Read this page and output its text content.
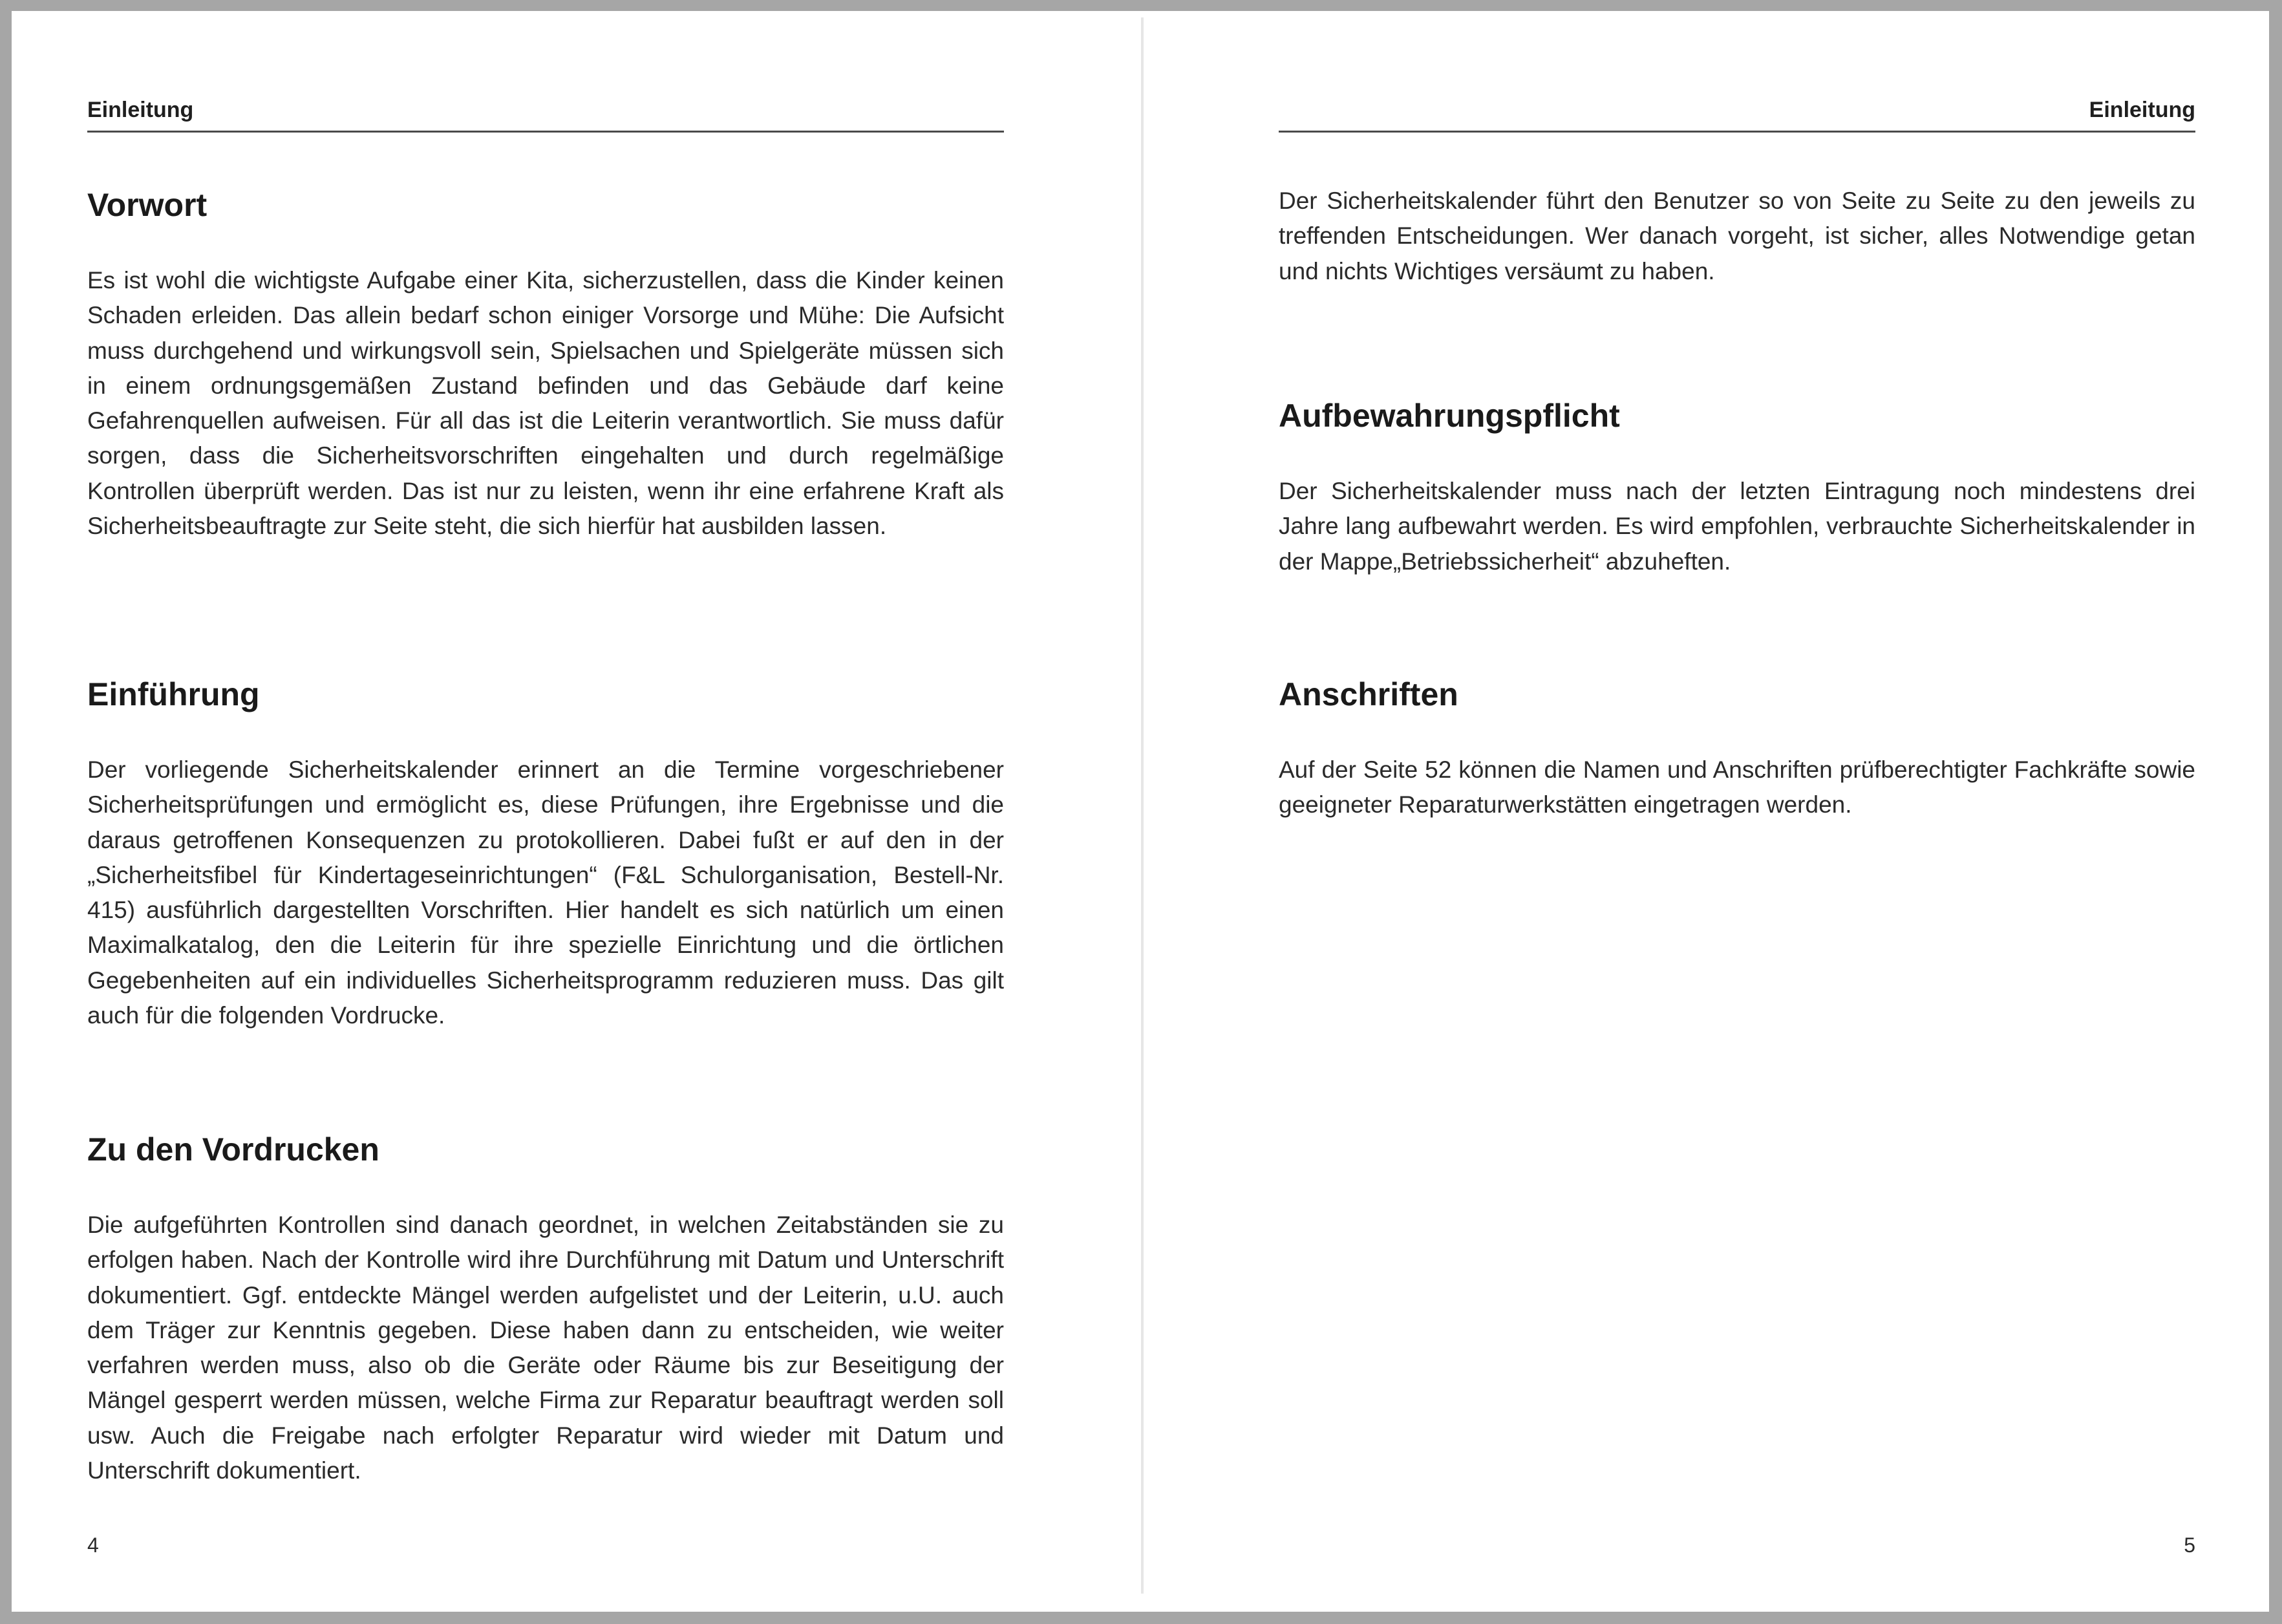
Einleitung
Vorwort

Es ist wohl die wichtigste Aufgabe einer Kita, sicherzustellen, dass die Kinder keinen Schaden erleiden. Das allein bedarf schon einiger Vorsorge und Mühe: Die Aufsicht muss durchgehend und wirkungsvoll sein, Spielsachen und Spielgeräte müssen sich in einem ordnungsgemäßen Zustand befinden und das Gebäude darf keine Gefahrenquellen aufweisen. Für all das ist die Leiterin verantwortlich. Sie muss dafür sorgen, dass die Sicherheitsvorschriften eingehalten und durch regelmäßige Kontrollen überprüft werden. Das ist nur zu leisten, wenn ihr eine erfahrene Kraft als Sicherheitsbeauftragte zur Seite steht, die sich hierfür hat ausbilden lassen.

Einführung

Der vorliegende Sicherheitskalender erinnert an die Termine vorgeschriebener Sicherheitsprüfungen und ermöglicht es, diese Prüfungen, ihre Ergebnisse und die daraus getroffenen Konsequenzen zu protokollieren. Dabei fußt er auf den in der „Sicherheitsfibel für Kindertageseinrichtungen“ (F&L Schulorganisation, Bestell-Nr. 415) ausführlich dargestellten Vorschriften. Hier handelt es sich natürlich um einen Maximalkatalog, den die Leiterin für ihre spezielle Einrichtung und die örtlichen Gegebenheiten auf ein individuelles Sicherheitsprogramm reduzieren muss. Das gilt auch für die folgenden Vordrucke.

Zu den Vordrucken

Die aufgeführten Kontrollen sind danach geordnet, in welchen Zeitabständen sie zu erfolgen haben. Nach der Kontrolle wird ihre Durchführung mit Datum und Unterschrift dokumentiert. Ggf. entdeckte Mängel werden aufgelistet und der Leiterin, u.U. auch dem Träger zur Kenntnis gegeben. Diese haben dann zu entscheiden, wie weiter verfahren werden muss, also ob die Geräte oder Räume bis zur Beseitigung der Mängel gesperrt werden müssen, welche Firma zur Reparatur beauftragt werden soll usw. Auch die Freigabe nach erfolgter Reparatur wird wieder mit Datum und Unterschrift dokumentiert.

4
Einleitung

Der Sicherheitskalender führt den Benutzer so von Seite zu Seite zu den jeweils zu treffenden Entscheidungen. Wer danach vorgeht, ist sicher, alles Notwendige getan und nichts Wichtiges versäumt zu haben.

Aufbewahrungspflicht

Der Sicherheitskalender muss nach der letzten Eintragung noch mindestens drei Jahre lang aufbewahrt werden. Es wird empfohlen, verbrauchte Sicherheitskalender in der Mappe„Betriebssicherheit“ abzuheften.

Anschriften

Auf der Seite 52 können die Namen und Anschriften prüfberechtigter Fachkräfte sowie geeigneter Reparaturwerkstätten eingetragen werden.

5
